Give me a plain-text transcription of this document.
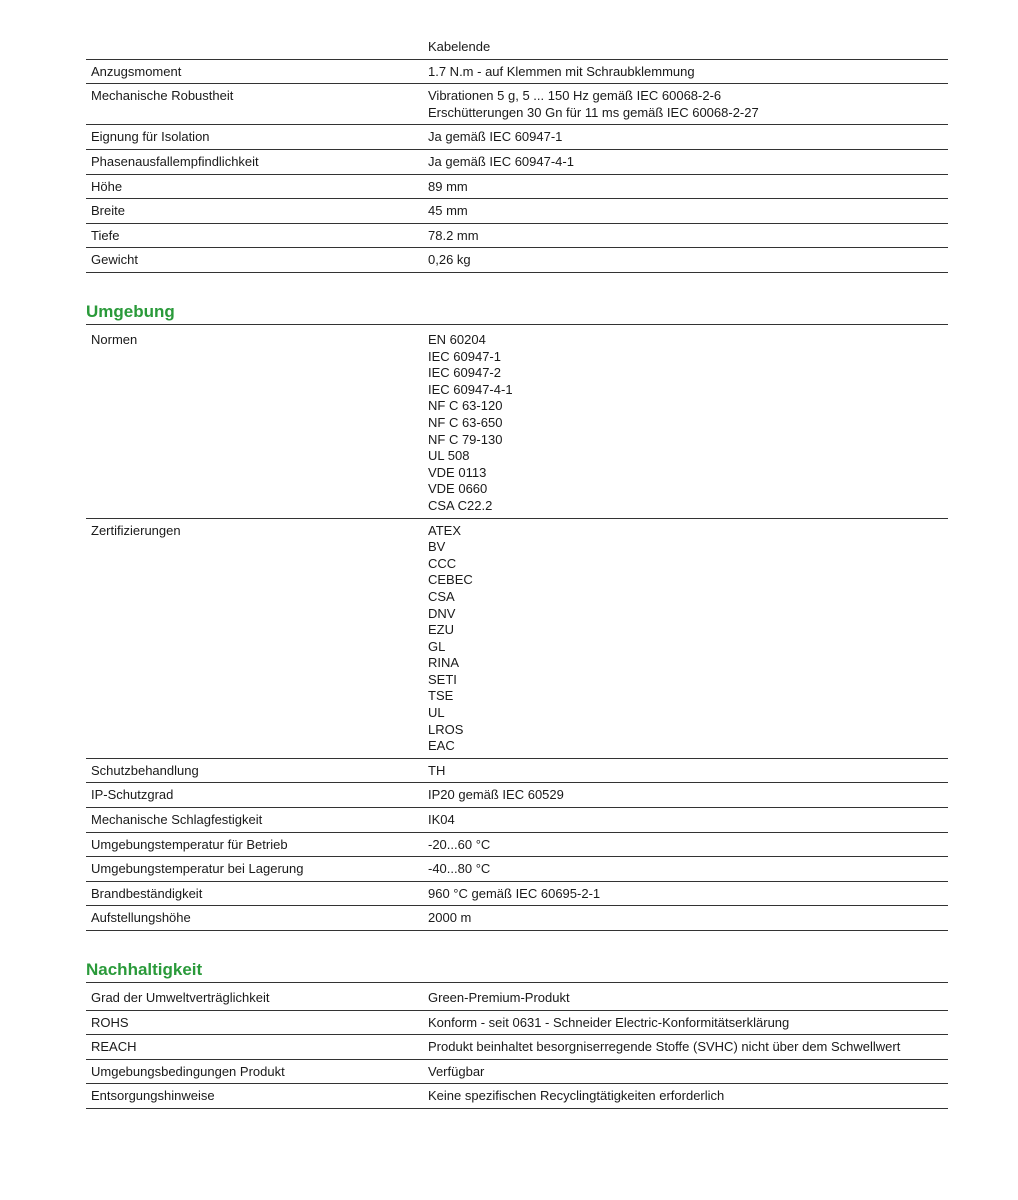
Kabelende
Anzugsmoment	1.7 N.m - auf Klemmen mit Schraubklemmung
Mechanische Robustheit	Vibrationen 5 g, 5 ... 150 Hz gemäß IEC 60068-2-6
Erschütterungen 30 Gn für 11 ms gemäß IEC 60068-2-27
Eignung für Isolation	Ja gemäß IEC 60947-1
Phasenausfallempfindlichkeit	Ja gemäß IEC 60947-4-1
Höhe	89 mm
Breite	45 mm
Tiefe	78.2 mm
Gewicht	0,26 kg
Umgebung
Normen	EN 60204
IEC 60947-1
IEC 60947-2
IEC 60947-4-1
NF C 63-120
NF C 63-650
NF C 79-130
UL 508
VDE 0113
VDE 0660
CSA C22.2
Zertifizierungen	ATEX
BV
CCC
CEBEC
CSA
DNV
EZU
GL
RINA
SETI
TSE
UL
LROS
EAC
Schutzbehandlung	TH
IP-Schutzgrad	IP20 gemäß IEC 60529
Mechanische Schlagfestigkeit	IK04
Umgebungstemperatur für Betrieb	-20...60 °C
Umgebungstemperatur bei Lagerung	-40...80 °C
Brandbeständigkeit	960 °C gemäß IEC 60695-2-1
Aufstellungshöhe	2000 m
Nachhaltigkeit
Grad der Umweltverträglichkeit	Green-Premium-Produkt
ROHS	Konform - seit 0631 - Schneider Electric-Konformitätserklärung
REACH	Produkt beinhaltet besorgniserregende Stoffe (SVHC) nicht über dem Schwellwert
Umgebungsbedingungen Produkt	Verfügbar
Entsorgungshinweise	Keine spezifischen Recyclingtätigkeiten erforderlich
